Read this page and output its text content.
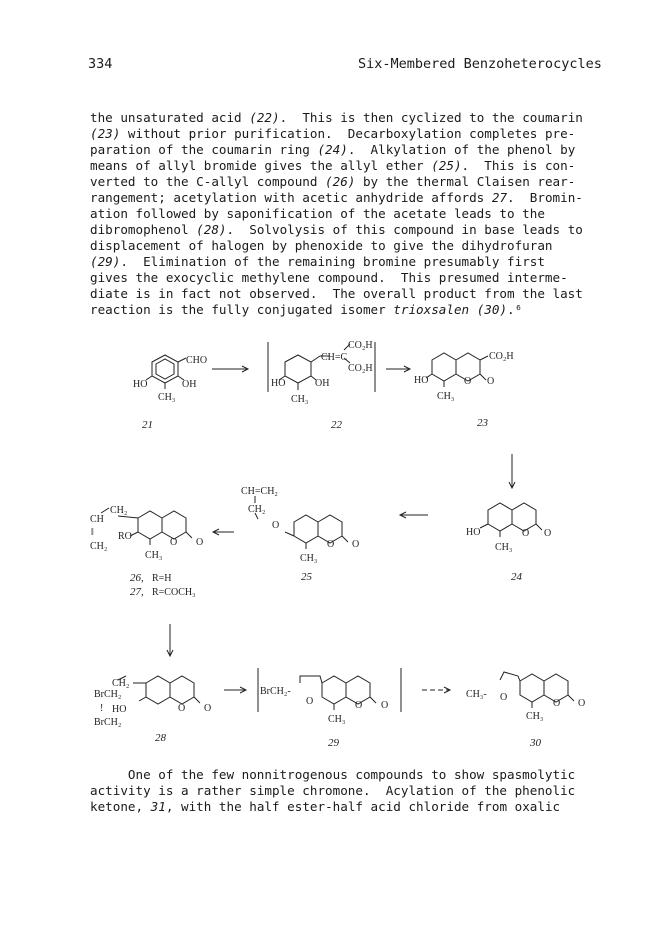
334	Six-Membered Benzoheterocycles
the unsaturated acid (22).  This is then cyclized to the coumarin
(23) without prior purification.  Decarboxylation completes pre-
paration of the coumarin ring (24).  Alkylation of the phenol by
means of allyl bromide gives the allyl ether (25).  This is con-
verted to the C-allyl compound (26) by the thermal Claisen rear-
rangement; acetylation with acetic anhydride affords 27.  Bromin-
ation followed by saponification of the acetate leads to the
dibromophenol (28).  Solvolysis of this compound in base leads to
displacement of halogen by phenoxide to give the dihydrofuran
(29).  Elimination of the remaining bromine presumably first
gives the exocyclic methylene compound.  This presumed interme-
diate is in fact not observed.  The overall product from the last
reaction is the fully conjugated isomer trioxsalen (30).⁶
CHO
HO	OH
CH₃
21
CH=C
CO₂H
CO₂H
HO	OH
CH₃
22
CO₂H
HO	O O
CH₃
23
HO	O O
CH₃
24
CH=CH₂
CH₂
O
O O
CH₃
25
CH
CH₂
‖
CH₂
RO
O O
CH₃
26, R=H
27, R=COCH₃
CH₂
BrCH₂
! HO
BrCH₂
O O
28
BrCH₂-
O	O O
CH₃
29
CH₃- O
O O
CH₃
30
One of the few nonnitrogenous compounds to show spasmolytic
activity is a rather simple chromone.  Acylation of the phenolic
ketone, 31, with the half ester-half acid chloride from oxalic
